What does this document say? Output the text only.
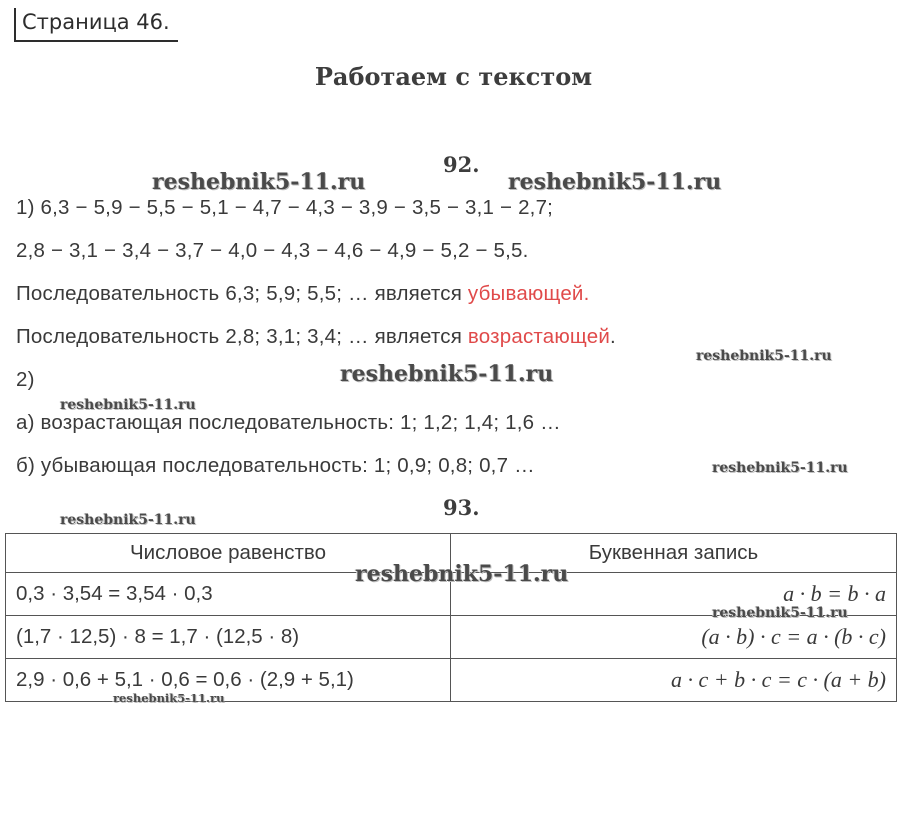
Страница 46.
Работаем с текстом
92.
1) 6,3 − 5,9 − 5,5 − 5,1 − 4,7 − 4,3 − 3,9 − 3,5 − 3,1 − 2,7;
2,8 − 3,1 − 3,4 − 3,7 − 4,0 − 4,3 − 4,6 − 4,9 − 5,2 − 5,5.
Последовательность 6,3; 5,9; 5,5; … является убывающей.
Последовательность 2,8; 3,1; 3,4; … является возрастающей.
2)
а) возрастающая последовательность: 1; 1,2; 1,4; 1,6 …
б) убывающая последовательность: 1; 0,9; 0,8; 0,7 …
93.
Числовое равенство	Буквенная запись
0,3 · 3,54 = 3,54 · 0,3	a · b = b · a
(1,7 · 12,5) · 8 = 1,7 · (12,5 · 8)	(a · b) · c = a · (b · c)
2,9 · 0,6 + 5,1 · 0,6 = 0,6 · (2,9 + 5,1)	a · c + b · c = c · (a + b)
reshebnik5-11.ru	reshebnik5-11.ru
reshebnik5-11.ru
reshebnik5-11.ru
reshebnik5-11.ru
reshebnik5-11.ru
reshebnik5-11.ru
reshebnik5-11.ru
reshebnik5-11.ru
reshebnik5-11.ru
